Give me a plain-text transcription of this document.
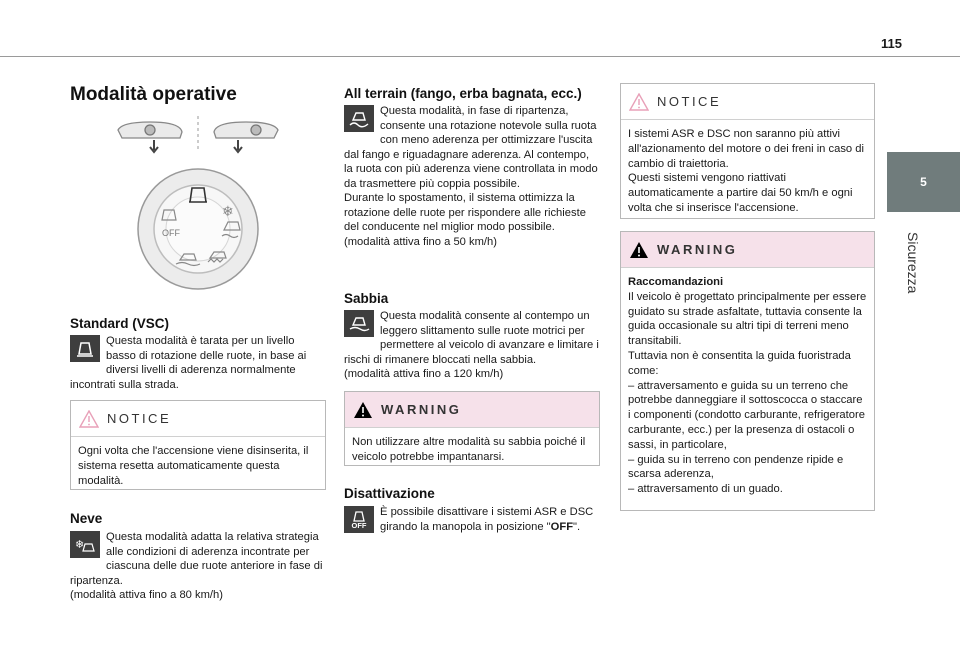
115
5
Sicurezza
Modalità operative
OFF
❄
Standard (VSC)
Questa modalità è tarata per un livello basso di rotazione delle ruote, in base ai diversi livelli di aderenza normalmente incontrati sulla strada.
NOTICE
Ogni volta che l'accensione viene disinserita, il sistema resetta automaticamente questa modalità.
Neve
❄
Questa modalità adatta la relativa strategia alle condizioni di aderenza incontrate per ciascuna delle due ruote anteriore in fase di ripartenza.
(modalità attiva fino a 80 km/h)
All terrain (fango, erba bagnata, ecc.)
Questa modalità, in fase di ripartenza, consente una rotazione notevole sulla ruota con meno aderenza per ottimizzare l'uscita dal fango e riguadagnare aderenza. Al contempo, la ruota con più aderenza viene controllata in modo da trasmettere più coppia possibile.
Durante lo spostamento, il sistema ottimizza la rotazione delle ruote per rispondere alle richieste del conducente nel miglior modo possibile.
(modalità attiva fino a 50 km/h)
Sabbia
Questa modalità consente al contempo un leggero slittamento sulle ruote motrici per permettere al veicolo di avanzare e limitare i rischi di rimanere bloccati nella sabbia.
(modalità attiva fino a 120 km/h)
WARNING
Non utilizzare altre modalità su sabbia poiché il veicolo potrebbe impantanarsi.
Disattivazione
OFF
È possibile disattivare i sistemi ASR e DSC girando la manopola in posizione "OFF".
NOTICE
I sistemi ASR e DSC non saranno più attivi all'azionamento del motore o dei freni in caso di cambio di traiettoria.
Questi sistemi vengono riattivati automaticamente a partire dai 50 km/h e ogni volta che si inserisce l'accensione.
WARNING
Raccomandazioni
Il veicolo è progettato principalmente per essere guidato su strade asfaltate, tuttavia consente la guida occasionale su altri tipi di terreni meno transitabili.
Tuttavia non è consentita la guida fuoristrada come:
– attraversamento e guida su un terreno che potrebbe danneggiare il sottoscocca o staccare i componenti (condotto carburante, refrigeratore carburante, ecc.) per la presenza di ostacoli o sassi, in particolare,
– guida su in terreno con pendenze ripide e scarsa aderenza,
– attraversamento di un guado.
